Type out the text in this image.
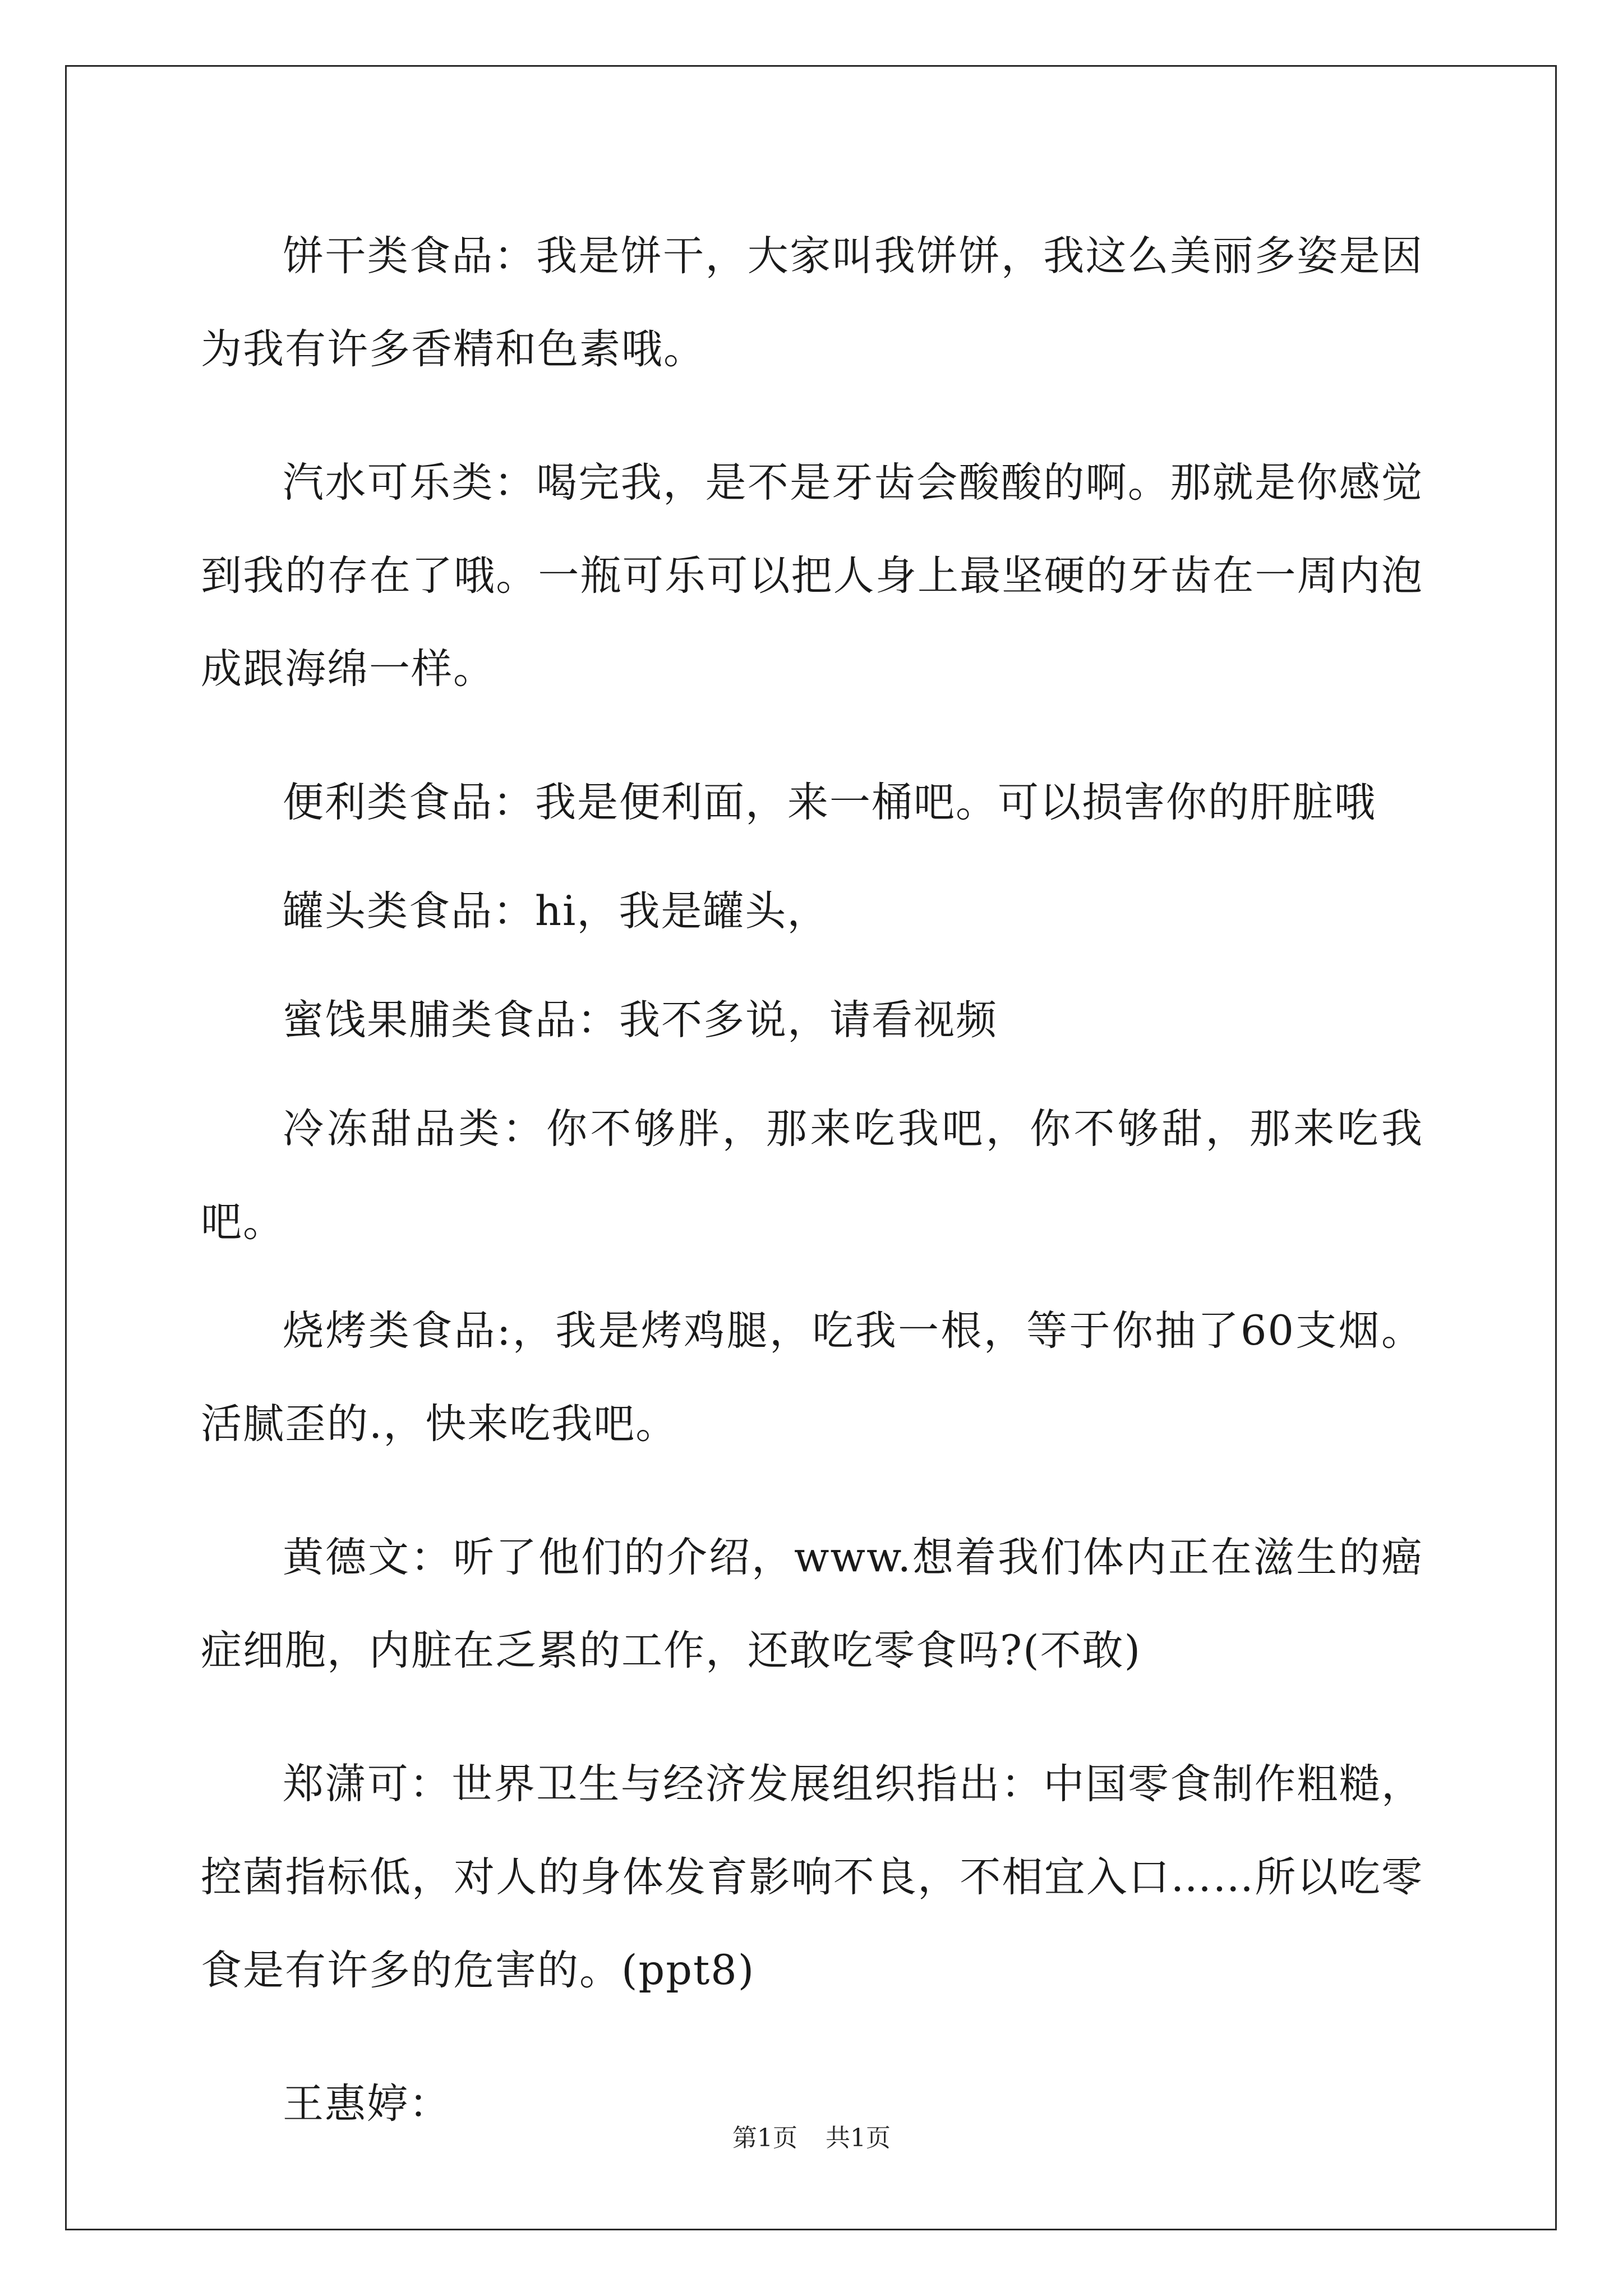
饼干类食品：我是饼干，大家叫我饼饼，我这么美丽多姿是因为我有许多香精和色素哦。

汽水可乐类：喝完我，是不是牙齿会酸酸的啊。那就是你感觉到我的存在了哦。一瓶可乐可以把人身上最坚硬的牙齿在一周内泡成跟海绵一样。

便利类食品：我是便利面，来一桶吧。可以损害你的肝脏哦

罐头类食品：hi，我是罐头，

蜜饯果脯类食品：我不多说，请看视频

冷冻甜品类：你不够胖，那来吃我吧，你不够甜，那来吃我吧。

烧烤类食品:，我是烤鸡腿，吃我一根，等于你抽了60支烟。活腻歪的.，快来吃我吧。

黄德文：听了他们的介绍，www.想着我们体内正在滋生的癌症细胞，内脏在乏累的工作，还敢吃零食吗?(不敢)

郑潇可：世界卫生与经济发展组织指出：中国零食制作粗糙，控菌指标低，对人的身体发育影响不良，不相宜入口……所以吃零食是有许多的危害的。(ppt8)

王惠婷：

第1页 共1页
